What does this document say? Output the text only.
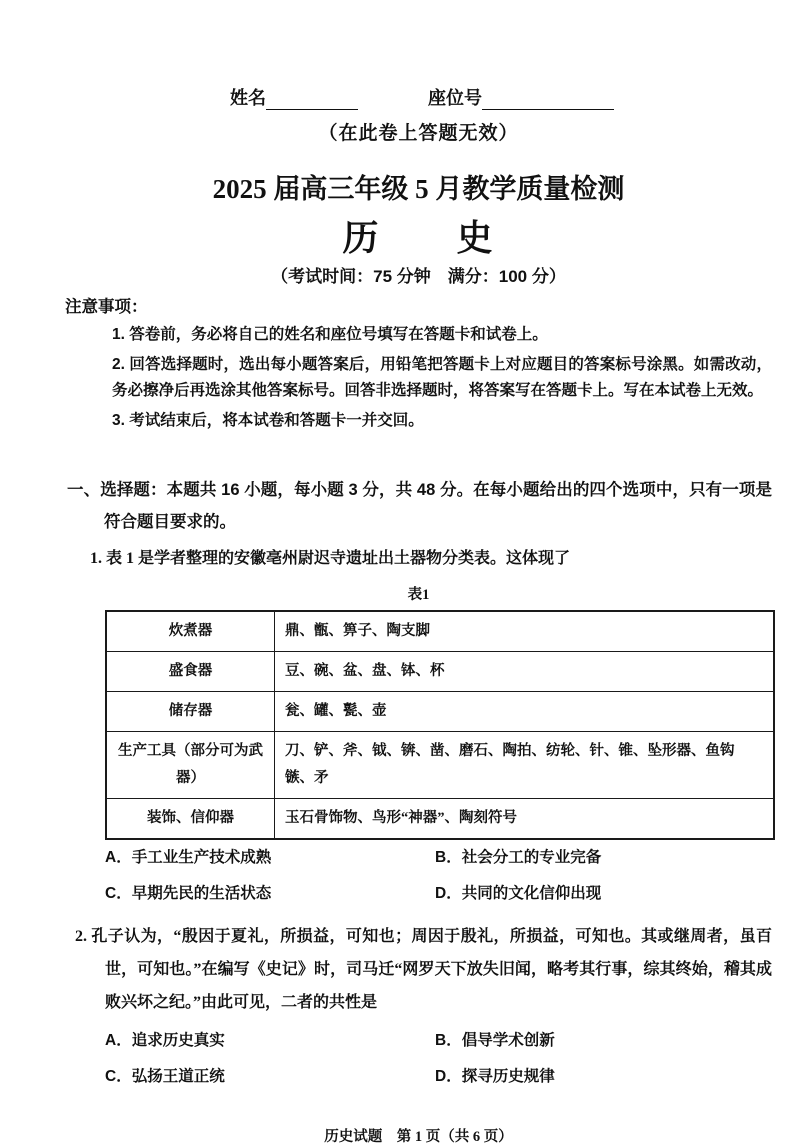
姓名	座位号
（在此卷上答题无效）
2025 届高三年级 5 月教学质量检测
历　　史
（考试时间：75 分钟　满分：100 分）
注意事项：
1. 答卷前，务必将自己的姓名和座位号填写在答题卡和试卷上。
2. 回答选择题时，选出每小题答案后，用铅笔把答题卡上对应题目的答案标号涂黑。如需改动，务必擦净后再选涂其他答案标号。回答非选择题时，将答案写在答题卡上。写在本试卷上无效。
3. 考试结束后，将本试卷和答题卡一并交回。
一、选择题：本题共 16 小题，每小题 3 分，共 48 分。在每小题给出的四个选项中，只有一项是符合题目要求的。
1. 表 1 是学者整理的安徽亳州尉迟寺遗址出土器物分类表。这体现了
表1
炊煮器	鼎、甑、箅子、陶支脚
盛食器	豆、碗、盆、盘、钵、杯
储存器	瓮、罐、甏、壶
生产工具（部分可为武器）	刀、铲、斧、钺、锛、凿、磨石、陶拍、纺轮、针、锥、坠形器、鱼钩镞、矛
装饰、信仰器	玉石骨饰物、鸟形“神器”、陶刻符号
A．手工业生产技术成熟	B．社会分工的专业完备
C．早期先民的生活状态	D．共同的文化信仰出现
2. 孔子认为，“殷因于夏礼，所损益，可知也；周因于殷礼，所损益，可知也。其或继周者，虽百世，可知也。”在编写《史记》时，司马迁“网罗天下放失旧闻，略考其行事，综其终始，稽其成败兴坏之纪。”由此可见，二者的共性是
A．追求历史真实	B．倡导学术创新
C．弘扬王道正统	D．探寻历史规律
历史试题　第 1 页（共 6 页）
